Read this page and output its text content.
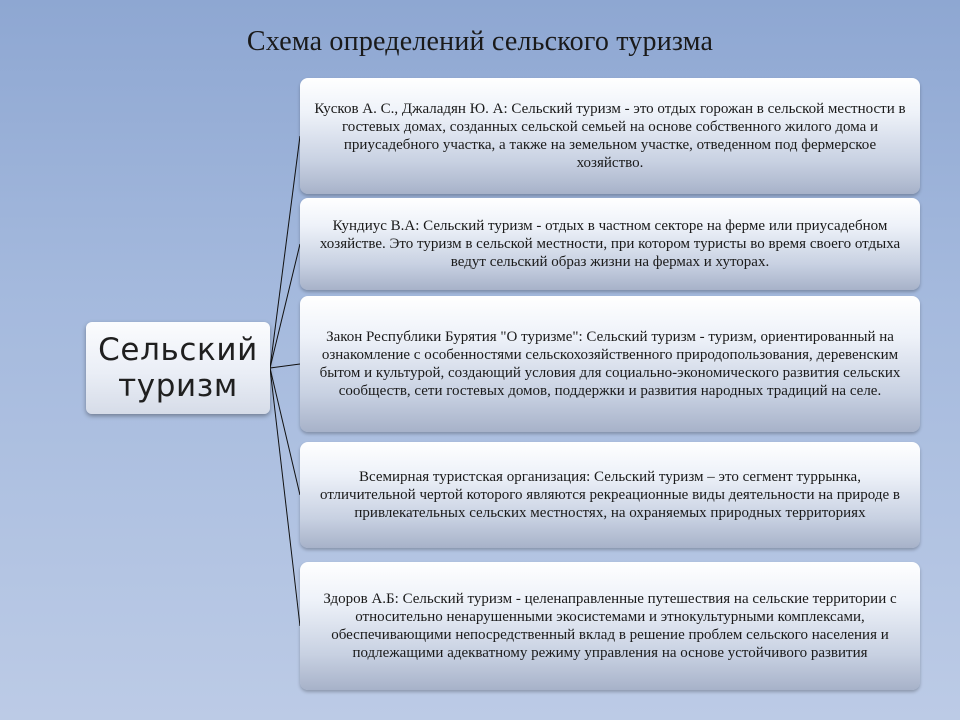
Схема определений сельского туризма
Сельский туризм
Кусков А. С., Джаладян Ю. А: Сельский туризм - это отдых горожан в сельской местности в гостевых домах, созданных сельской семьей на основе собственного жилого дома и приусадебного участка, а также на земельном участке, отведенном под фермерское хозяйство.
Кундиус В.А: Сельский туризм - отдых в частном секторе на ферме или приусадебном хозяйстве. Это туризм в сельской местности, при котором туристы во время своего отдыха ведут сельский образ жизни на фермах и хуторах.
Закон Республики Бурятия "О туризме": Сельский туризм - туризм, ориентированный на ознакомление с особенностями сельскохозяйственного природопользования, деревенским бытом и культурой, создающий условия для социально-экономического развития сельских сообществ, сети гостевых домов, поддержки и развития народных традиций на селе.
Всемирная туристская организация: Сельский туризм – это сегмент туррынка, отличительной чертой которого являются рекреационные виды деятельности на природе в привлекательных сельских местностях, на охраняемых природных территориях
Здоров А.Б: Сельский туризм - целенаправленные путешествия на сельские территории с относительно ненарушенными экосистемами и этнокультурными комплексами, обеспечивающими непосредственный вклад в решение проблем сельского населения и подлежащими адекватному режиму управления на основе устойчивого развития
